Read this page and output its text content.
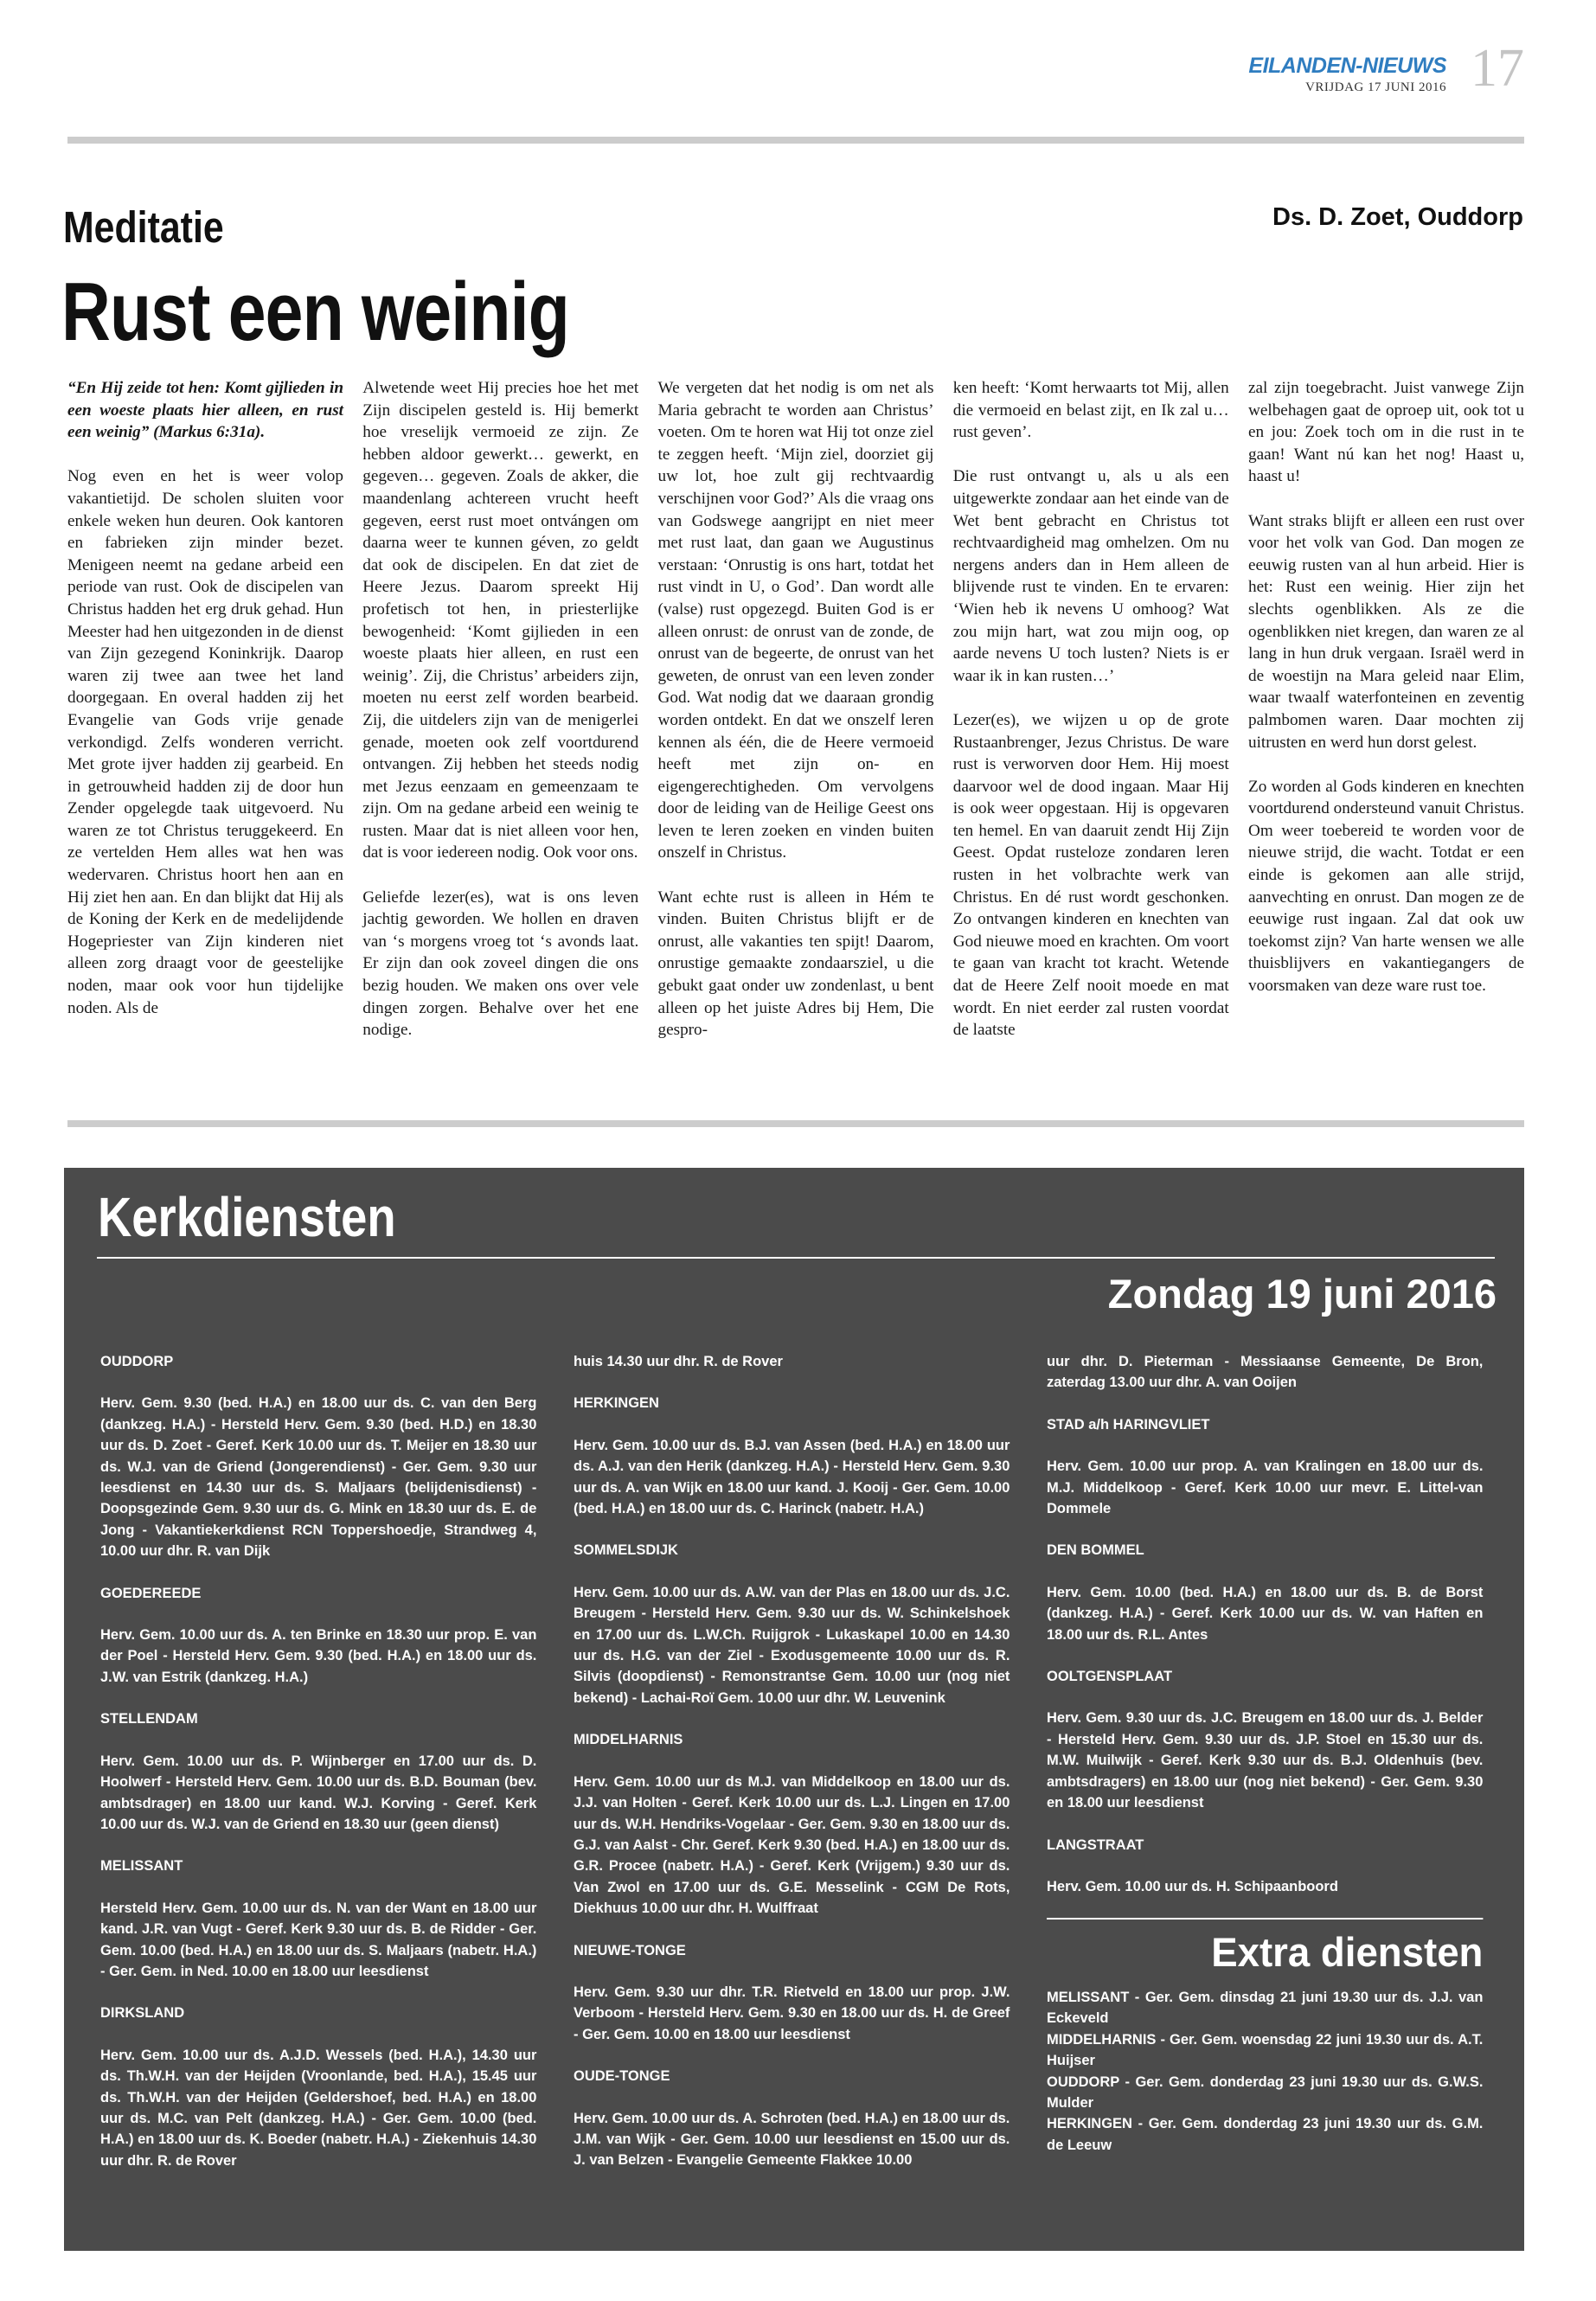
EILANDEN-NIEUWS
VRIJDAG 17 JUNI 2016 17
Meditatie
Rust een weinig
Ds. D. Zoet, Ouddorp

“En Hij zeide tot hen: Komt gijlieden in een woeste plaats hier alleen, en rust een weinig” (Markus 6:31a).

Nog even en het is weer volop vakantietijd. De scholen sluiten voor enkele weken hun deuren. Ook kantoren en fabrieken zijn minder bezet. Menigeen neemt na gedane arbeid een periode van rust. Ook de discipelen van Christus hadden het erg druk gehad. Hun Meester had hen uitgezonden in de dienst van Zijn gezegend Koninkrijk. Daarop waren zij twee aan twee het land doorgegaan. En overal hadden zij het Evangelie van Gods vrije genade verkondigd. Zelfs wonderen verricht. Met grote ijver hadden zij gearbeid. En in getrouwheid hadden zij de door hun Zender opgelegde taak uitgevoerd. Nu waren ze tot Christus teruggekeerd. En ze vertelden Hem alles wat hen was wedervaren. Christus hoort hen aan en Hij ziet hen aan. En dan blijkt dat Hij als de Koning der Kerk en de medelijdende Hogepriester van Zijn kinderen niet alleen zorg draagt voor de geestelijke noden, maar ook voor hun tijdelijke noden. Als de

Alwetende weet Hij precies hoe het met Zijn discipelen gesteld is. Hij bemerkt hoe vreselijk vermoeid ze zijn. Ze hebben aldoor gewerkt… gewerkt, en gegeven… gegeven. Zoals de akker, die maandenlang achtereen vrucht heeft gegeven, eerst rust moet ontvángen om daarna weer te kunnen géven, zo geldt dat ook de discipelen. En dat ziet de Heere Jezus. Daarom spreekt Hij profetisch tot hen, in priesterlijke bewogenheid: ‘Komt gijlieden in een woeste plaats hier alleen, en rust een weinig’. Zij, die Christus’ arbeiders zijn, moeten nu eerst zelf worden bearbeid. Zij, die uitdelers zijn van de menigerlei genade, moeten ook zelf voortdurend ontvangen. Zij hebben het steeds nodig met Jezus eenzaam en gemeenzaam te zijn. Om na gedane arbeid een weinig te rusten. Maar dat is niet alleen voor hen, dat is voor iedereen nodig. Ook voor ons.

Geliefde lezer(es), wat is ons leven jachtig geworden. We hollen en draven van ‘s morgens vroeg tot ‘s avonds laat. Er zijn dan ook zoveel dingen die ons bezig houden. We maken ons over vele dingen zorgen. Behalve over het ene nodige.

We vergeten dat het nodig is om net als Maria gebracht te worden aan Christus’ voeten. Om te horen wat Hij tot onze ziel te zeggen heeft. ‘Mijn ziel, doorziet gij uw lot, hoe zult gij rechtvaardig verschijnen voor God?’ Als die vraag ons van Godswege aangrijpt en niet meer met rust laat, dan gaan we Augustinus verstaan: ‘Onrustig is ons hart, totdat het rust vindt in U, o God’. Dan wordt alle (valse) rust opgezegd. Buiten God is er alleen onrust: de onrust van de zonde, de onrust van de begeerte, de onrust van het geweten, de onrust van een leven zonder God. Wat nodig dat we daaraan grondig worden ontdekt. En dat we onszelf leren kennen als één, die de Heere vermoeid heeft met zijn on- en eigengerechtigheden. Om vervolgens door de leiding van de Heilige Geest ons leven te leren zoeken en vinden buiten onszelf in Christus.

Want echte rust is alleen in Hém te vinden. Buiten Christus blijft er de onrust, alle vakanties ten spijt! Daarom, onrustige gemaakte zondaarsziel, u die gebukt gaat onder uw zondenlast, u bent alleen op het juiste Adres bij Hem, Die gespro-

ken heeft: ‘Komt herwaarts tot Mij, allen die vermoeid en belast zijt, en Ik zal u… rust geven’.

Die rust ontvangt u, als u als een uitgewerkte zondaar aan het einde van de Wet bent gebracht en Christus tot rechtvaardigheid mag omhelzen. Om nu nergens anders dan in Hem alleen de blijvende rust te vinden. En te ervaren: ‘Wien heb ik nevens U omhoog? Wat zou mijn hart, wat zou mijn oog, op aarde nevens U toch lusten? Niets is er waar ik in kan rusten…’

Lezer(es), we wijzen u op de grote Rustaanbrenger, Jezus Christus. De ware rust is verworven door Hem. Hij moest daarvoor wel de dood ingaan. Maar Hij is ook weer opgestaan. Hij is opgevaren ten hemel. En van daaruit zendt Hij Zijn Geest. Opdat rusteloze zondaren leren rusten in het volbrachte werk van Christus. En dé rust wordt geschonken. Zo ontvangen kinderen en knechten van God nieuwe moed en krachten. Om voort te gaan van kracht tot kracht. Wetende dat de Heere Zelf nooit moede en mat wordt. En niet eerder zal rusten voordat de laatste

zal zijn toegebracht. Juist vanwege Zijn welbehagen gaat de oproep uit, ook tot u en jou: Zoek toch om in die rust in te gaan! Want nú kan het nog! Haast u, haast u!

Want straks blijft er alleen een rust over voor het volk van God. Dan mogen ze eeuwig rusten van al hun arbeid. Hier is het: Rust een weinig. Hier zijn het slechts ogenblikken. Als ze die ogenblikken niet kregen, dan waren ze al lang in hun druk vergaan. Israël werd in de woestijn na Mara geleid naar Elim, waar twaalf waterfonteinen en zeventig palmbomen waren. Daar mochten zij uitrusten en werd hun dorst gelest.

Zo worden al Gods kinderen en knechten voortdurend ondersteund vanuit Christus. Om weer toebereid te worden voor de nieuwe strijd, die wacht. Totdat er een einde is gekomen aan alle strijd, aanvechting en onrust. Dan mogen ze de eeuwige rust ingaan. Zal dat ook uw toekomst zijn? Van harte wensen we alle thuisblijvers en vakantiegangers de voorsmaken van deze ware rust toe.

Kerkdiensten
Zondag 19 juni 2016
OUDDORP
Herv. Gem. 9.30 (bed. H.A.) en 18.00 uur ds. C. van den Berg (dankzeg. H.A.) - Hersteld Herv. Gem. 9.30 (bed. H.D.) en 18.30 uur ds. D. Zoet - Geref. Kerk 10.00 uur ds. T. Meijer en 18.30 uur ds. W.J. van de Griend (Jongerendienst) - Ger. Gem. 9.30 uur leesdienst en 14.30 uur ds. S. Maljaars (belijdenisdienst) - Doopsgezinde Gem. 9.30 uur ds. G. Mink en 18.30 uur ds. E. de Jong - Vakantiekerkdienst RCN Toppershoedje, Strandweg 4, 10.00 uur dhr. R. van Dijk
GOEDEREEDE
Herv. Gem. 10.00 uur ds. A. ten Brinke en 18.30 uur prop. E. van der Poel - Hersteld Herv. Gem. 9.30 (bed. H.A.) en 18.00 uur ds. J.W. van Estrik (dankzeg. H.A.)
STELLENDAM
Herv. Gem. 10.00 uur ds. P. Wijnberger en 17.00 uur ds. D. Hoolwerf - Hersteld Herv. Gem. 10.00 uur ds. B.D. Bouman (bev. ambtsdrager) en 18.00 uur kand. W.J. Korving - Geref. Kerk 10.00 uur ds. W.J. van de Griend en 18.30 uur (geen dienst)
MELISSANT
Hersteld Herv. Gem. 10.00 uur ds. N. van der Want en 18.00 uur kand. J.R. van Vugt - Geref. Kerk 9.30 uur ds. B. de Ridder - Ger. Gem. 10.00 (bed. H.A.) en 18.00 uur ds. S. Maljaars (nabetr. H.A.) - Ger. Gem. in Ned. 10.00 en 18.00 uur leesdienst
DIRKSLAND
Herv. Gem. 10.00 uur ds. A.J.D. Wessels (bed. H.A.), 14.30 uur ds. Th.W.H. van der Heijden (Vroonlande, bed. H.A.), 15.45 uur ds. Th.W.H. van der Heijden (Geldershoef, bed. H.A.) en 18.00 uur ds. M.C. van Pelt (dankzeg. H.A.) - Ger. Gem. 10.00 (bed. H.A.) en 18.00 uur ds. K. Boeder (nabetr. H.A.) - Ziekenhuis 14.30 uur dhr. R. de Rover
huis 14.30 uur dhr. R. de Rover
HERKINGEN
Herv. Gem. 10.00 uur ds. B.J. van Assen (bed. H.A.) en 18.00 uur ds. A.J. van den Herik (dankzeg. H.A.) - Hersteld Herv. Gem. 9.30 uur ds. A. van Wijk en 18.00 uur kand. J. Kooij - Ger. Gem. 10.00 (bed. H.A.) en 18.00 uur ds. C. Harinck (nabetr. H.A.)
SOMMELSDIJK
Herv. Gem. 10.00 uur ds. A.W. van der Plas en 18.00 uur ds. J.C. Breugem - Hersteld Herv. Gem. 9.30 uur ds. W. Schinkelshoek en 17.00 uur ds. L.W.Ch. Ruijgrok - Lukaskapel 10.00 en 14.30 uur ds. H.G. van der Ziel - Exodusgemeente 10.00 uur ds. R. Silvis (doopdienst) - Remonstrantse Gem. 10.00 uur (nog niet bekend) - Lachai-Roï Gem. 10.00 uur dhr. W. Leuvenink
MIDDELHARNIS
Herv. Gem. 10.00 uur ds M.J. van Middelkoop en 18.00 uur ds. J.J. van Holten - Geref. Kerk 10.00 uur ds. L.J. Lingen en 17.00 uur ds. W.H. Hendriks-Vogelaar - Ger. Gem. 9.30 en 18.00 uur ds. G.J. van Aalst - Chr. Geref. Kerk 9.30 (bed. H.A.) en 18.00 uur ds. G.R. Procee (nabetr. H.A.) - Geref. Kerk (Vrijgem.) 9.30 uur ds. Van Zwol en 17.00 uur ds. G.E. Messelink - CGM De Rots, Diekhuus 10.00 uur dhr. H. Wulffraat
NIEUWE-TONGE
Herv. Gem. 9.30 uur dhr. T.R. Rietveld en 18.00 uur prop. J.W. Verboom - Hersteld Herv. Gem. 9.30 en 18.00 uur ds. H. de Greef - Ger. Gem. 10.00 en 18.00 uur leesdienst
OUDE-TONGE
Herv. Gem. 10.00 uur ds. A. Schroten (bed. H.A.) en 18.00 uur ds. J.M. van Wijk - Ger. Gem. 10.00 uur leesdienst en 15.00 uur ds. J. van Belzen - Evangelie Gemeente Flakkee 10.00
uur dhr. D. Pieterman - Messiaanse Gemeente, De Bron, zaterdag 13.00 uur dhr. A. van Ooijen
STAD a/h HARINGVLIET
Herv. Gem. 10.00 uur prop. A. van Kralingen en 18.00 uur ds. M.J. Middelkoop - Geref. Kerk 10.00 uur mevr. E. Littel-van Dommele
DEN BOMMEL
Herv. Gem. 10.00 (bed. H.A.) en 18.00 uur ds. B. de Borst (dankzeg. H.A.) - Geref. Kerk 10.00 uur ds. W. van Haften en 18.00 uur ds. R.L. Antes
OOLTGENSPLAAT
Herv. Gem. 9.30 uur ds. J.C. Breugem en 18.00 uur ds. J. Belder - Hersteld Herv. Gem. 9.30 uur ds. J.P. Stoel en 15.30 uur ds. M.W. Muilwijk - Geref. Kerk 9.30 uur ds. B.J. Oldenhuis (bev. ambtsdragers) en 18.00 uur (nog niet bekend) - Ger. Gem. 9.30 en 18.00 uur leesdienst
LANGSTRAAT
Herv. Gem. 10.00 uur ds. H. Schipaanboord
Extra diensten
MELISSANT - Ger. Gem. dinsdag 21 juni 19.30 uur ds. J.J. van Eckeveld
MIDDELHARNIS - Ger. Gem. woensdag 22 juni 19.30 uur ds. A.T. Huijser
OUDDORP - Ger. Gem. donderdag 23 juni 19.30 uur ds. G.W.S. Mulder
HERKINGEN - Ger. Gem. donderdag 23 juni 19.30 uur ds. G.M. de Leeuw
